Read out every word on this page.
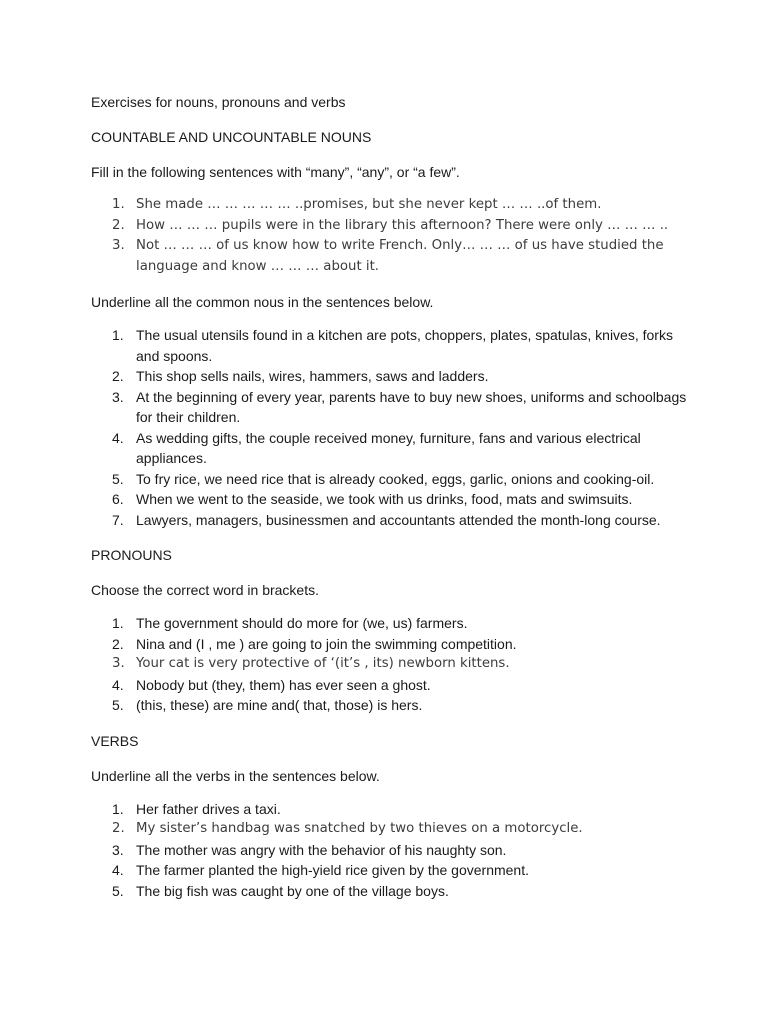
Exercises for nouns, pronouns and verbs

COUNTABLE AND UNCOUNTABLE NOUNS

Fill in the following sentences with “many”, “any”, or “a few”.

1. She made … … … … … ..promises, but she never kept … … ..of them.
2. How … … … pupils were in the library this afternoon? There were only … … … ..
3. Not … … … of us know how to write French. Only… … … of us have studied the language and know … … … about it.

Underline all the common nous in the sentences below.

1. The usual utensils found in a kitchen are pots, choppers, plates, spatulas, knives, forks and spoons.
2. This shop sells nails, wires, hammers, saws and ladders.
3. At the beginning of every year, parents have to buy new shoes, uniforms and schoolbags for their children.
4. As wedding gifts, the couple received money, furniture, fans and various electrical appliances.
5. To fry rice, we need rice that is already cooked, eggs, garlic, onions and cooking-oil.
6. When we went to the seaside, we took with us drinks, food, mats and swimsuits.
7. Lawyers, managers, businessmen and accountants attended the month-long course.

PRONOUNS

Choose the correct word in brackets.

1. The government should do more for (we, us) farmers.
2. Nina and (I , me ) are going to join the swimming competition.
3. Your cat is very protective of ‘(it’s , its) newborn kittens.
4. Nobody but (they, them) has ever seen a ghost.
5. (this, these) are mine and( that, those) is hers.

VERBS

Underline all the verbs in the sentences below.

1. Her father drives a taxi.
2. My sister’s handbag was snatched by two thieves on a motorcycle.
3. The mother was angry with the behavior of his naughty son.
4. The farmer planted the high-yield rice given by the government.
5. The big fish was caught by one of the village boys.
